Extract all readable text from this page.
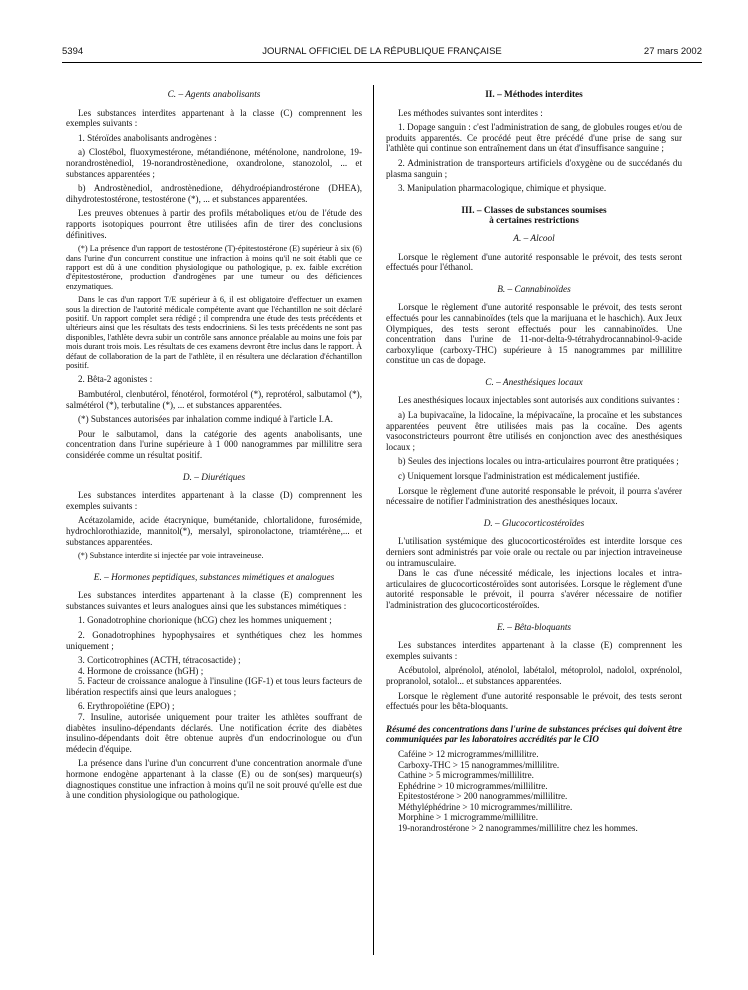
5394	JOURNAL OFFICIEL DE LA RÉPUBLIQUE FRANÇAISE	27 mars 2002
C. – Agents anabolisants

Les substances interdites appartenant à la classe (C) comprennent les exemples suivants :

1. Stéroïdes anabolisants androgènes :

a) Clostébol, fluoxymestérone, métandiénone, méténolone, nandrolone, 19-norandrostènediol, 19-norandrostènedione, oxandrolone, stanozolol, ... et substances apparentées ;

b) Androstènediol, androstènedione, déhydroépiandrostérone (DHEA), dihydrotestostérone, testostérone (*), ... et substances apparentées.

Les preuves obtenues à partir des profils métaboliques et/ou de l'étude des rapports isotopiques pourront être utilisées afin de tirer des conclusions définitives.

(*) La présence d'un rapport de testostérone (T)-épitestostérone (E) supérieur à six (6) dans l'urine d'un concurrent constitue une infraction à moins qu'il ne soit établi que ce rapport est dû à une condition physiologique ou pathologique, p. ex. faible excrétion d'épitestostérone, production d'androgènes par une tumeur ou des déficiences enzymatiques.

Dans le cas d'un rapport T/E supérieur à 6, il est obligatoire d'effectuer un examen sous la direction de l'autorité médicale compétente avant que l'échantillon ne soit déclaré positif. Un rapport complet sera rédigé ; il comprendra une étude des tests précédents et ultérieurs ainsi que les résultats des tests endocriniens. Si les tests précédents ne sont pas disponibles, l'athlète devra subir un contrôle sans annonce préalable au moins une fois par mois durant trois mois. Les résultats de ces examens devront être inclus dans le rapport. À défaut de collaboration de la part de l'athlète, il en résultera une déclaration d'échantillon positif.

2. Bêta-2 agonistes :

Bambutérol, clenbutérol, fénotérol, formotérol (*), reprotérol, salbutamol (*), salmétérol (*), terbutaline (*), ... et substances apparentées.

(*) Substances autorisées par inhalation comme indiqué à l'article I.A.

Pour le salbutamol, dans la catégorie des agents anabolisants, une concentration dans l'urine supérieure à 1 000 nanogrammes par millilitre sera considérée comme un résultat positif.

D. – Diurétiques

Les substances interdites appartenant à la classe (D) comprennent les exemples suivants :

Acétazolamide, acide étacrynique, bumétanide, chlortalidone, furosémide, hydrochlorothiazide, mannitol(*), mersalyl, spironolactone, triamtérène,... et substances apparentées.

(*) Substance interdite si injectée par voie intraveineuse.

E. – Hormones peptidiques, substances mimétiques et analogues

Les substances interdites appartenant à la classe (E) comprennent les substances suivantes et leurs analogues ainsi que les substances mimétiques :

1. Gonadotrophine chorionique (hCG) chez les hommes uniquement ;

2. Gonadotrophines hypophysaires et synthétiques chez les hommes uniquement ;

3. Corticotrophines (ACTH, tétracosactide) ;

4. Hormone de croissance (hGH) ;

5. Facteur de croissance analogue à l'insuline (IGF-1) et tous leurs facteurs de libération respectifs ainsi que leurs analogues ;

6. Erythropoïétine (EPO) ;

7. Insuline, autorisée uniquement pour traiter les athlètes souffrant de diabètes insulino-dépendants déclarés. Une notification écrite des diabètes insulino-dépendants doit être obtenue auprès d'un endocrinologue ou d'un médecin d'équipe.

La présence dans l'urine d'un concurrent d'une concentration anormale d'une hormone endogène appartenant à la classe (E) ou de son(ses) marqueur(s) diagnostiques constitue une infraction à moins qu'il ne soit prouvé qu'elle est due à une condition physiologique ou pathologique.

II. – Méthodes interdites

Les méthodes suivantes sont interdites :

1. Dopage sanguin : c'est l'administration de sang, de globules rouges et/ou de produits apparentés. Ce procédé peut être précédé d'une prise de sang sur l'athlète qui continue son entraînement dans un état d'insuffisance sanguine ;

2. Administration de transporteurs artificiels d'oxygène ou de succédanés du plasma sanguin ;

3. Manipulation pharmacologique, chimique et physique.

III. – Classes de substances soumises
à certaines restrictions
A. – Alcool

Lorsque le règlement d'une autorité responsable le prévoit, des tests seront effectués pour l'éthanol.

B. – Cannabinoïdes

Lorsque le règlement d'une autorité responsable le prévoit, des tests seront effectués pour les cannabinoïdes (tels que la marijuana et le haschich). Aux Jeux Olympiques, des tests seront effectués pour les cannabinoïdes. Une concentration dans l'urine de 11-nor-delta-9-tétrahydrocannabinol-9-acide carboxylique (carboxy-THC) supérieure à 15 nanogrammes par millilitre constitue un cas de dopage.

C. – Anesthésiques locaux

Les anesthésiques locaux injectables sont autorisés aux conditions suivantes :

a) La bupivacaïne, la lidocaïne, la mépivacaïne, la procaïne et les substances apparentées peuvent être utilisées mais pas la cocaïne. Des agents vasoconstricteurs pourront être utilisés en conjonction avec des anesthésiques locaux ;

b) Seules des injections locales ou intra-articulaires pourront être pratiquées ;

c) Uniquement lorsque l'administration est médicalement justifiée.

Lorsque le règlement d'une autorité responsable le prévoit, il pourra s'avérer nécessaire de notifier l'administration des anesthésiques locaux.

D. – Glucocorticostéroïdes

L'utilisation systémique des glucocorticostéroïdes est interdite lorsque ces derniers sont administrés par voie orale ou rectale ou par injection intraveineuse ou intramusculaire.

Dans le cas d'une nécessité médicale, les injections locales et intra-articulaires de glucocorticostéroïdes sont autorisées. Lorsque le règlement d'une autorité responsable le prévoit, il pourra s'avérer nécessaire de notifier l'administration des glucocorticostéroïdes.

E. – Bêta-bloquants

Les substances interdites appartenant à la classe (E) comprennent les exemples suivants :

Acébutolol, alprénolol, aténolol, labétalol, métoprolol, nadolol, oxprénolol, propranolol, sotalol... et substances apparentées.

Lorsque le règlement d'une autorité responsable le prévoit, des tests seront effectués pour les bêta-bloquants.

Résumé des concentrations dans l'urine de substances précises qui doivent être communiquées par les laboratoires accrédités par le CIO

Caféine > 12 microgrammes/millilitre.

Carboxy-THC > 15 nanogrammes/millilitre.

Cathine > 5 microgrammes/millilitre.

Ephédrine > 10 microgrammes/millilitre.

Epitestostérone > 200 nanogrammes/millilitre.

Méthyléphédrine > 10 microgrammes/millilitre.

Morphine > 1 microgramme/millilitre.

19-norandrostérone > 2 nanogrammes/millilitre chez les hommes.
